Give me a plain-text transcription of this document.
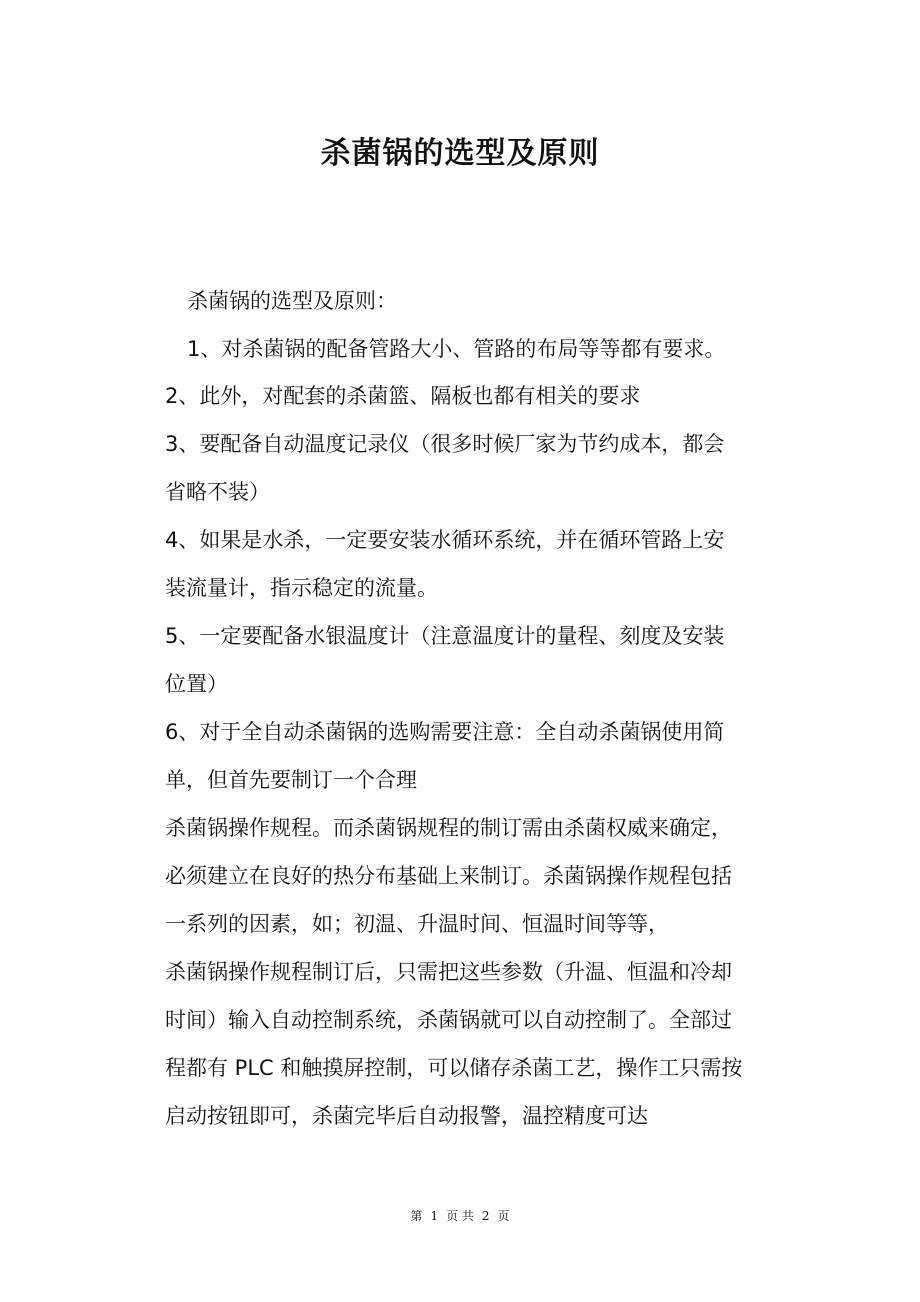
杀菌锅的选型及原则
杀菌锅的选型及原则：
1、对杀菌锅的配备管路大小、管路的布局等等都有要求。
2、此外，对配套的杀菌篮、隔板也都有相关的要求
3、要配备自动温度记录仪（很多时候厂家为节约成本，都会
省略不装）
4、如果是水杀，一定要安装水循环系统，并在循环管路上安
装流量计，指示稳定的流量。
5、一定要配备水银温度计（注意温度计的量程、刻度及安装
位置）
6、对于全自动杀菌锅的选购需要注意：全自动杀菌锅使用简
单，但首先要制订一个合理
杀菌锅操作规程。而杀菌锅规程的制订需由杀菌权威来确定，
必须建立在良好的热分布基础上来制订。杀菌锅操作规程包括
一系列的因素，如；初温、升温时间、恒温时间等等，
杀菌锅操作规程制订后，只需把这些参数（升温、恒温和冷却
时间）输入自动控制系统，杀菌锅就可以自动控制了。全部过
程都有 PLC 和触摸屏控制，可以储存杀菌工艺，操作工只需按
启动按钮即可，杀菌完毕后自动报警，温控精度可达
第 1 页 共 2 页
